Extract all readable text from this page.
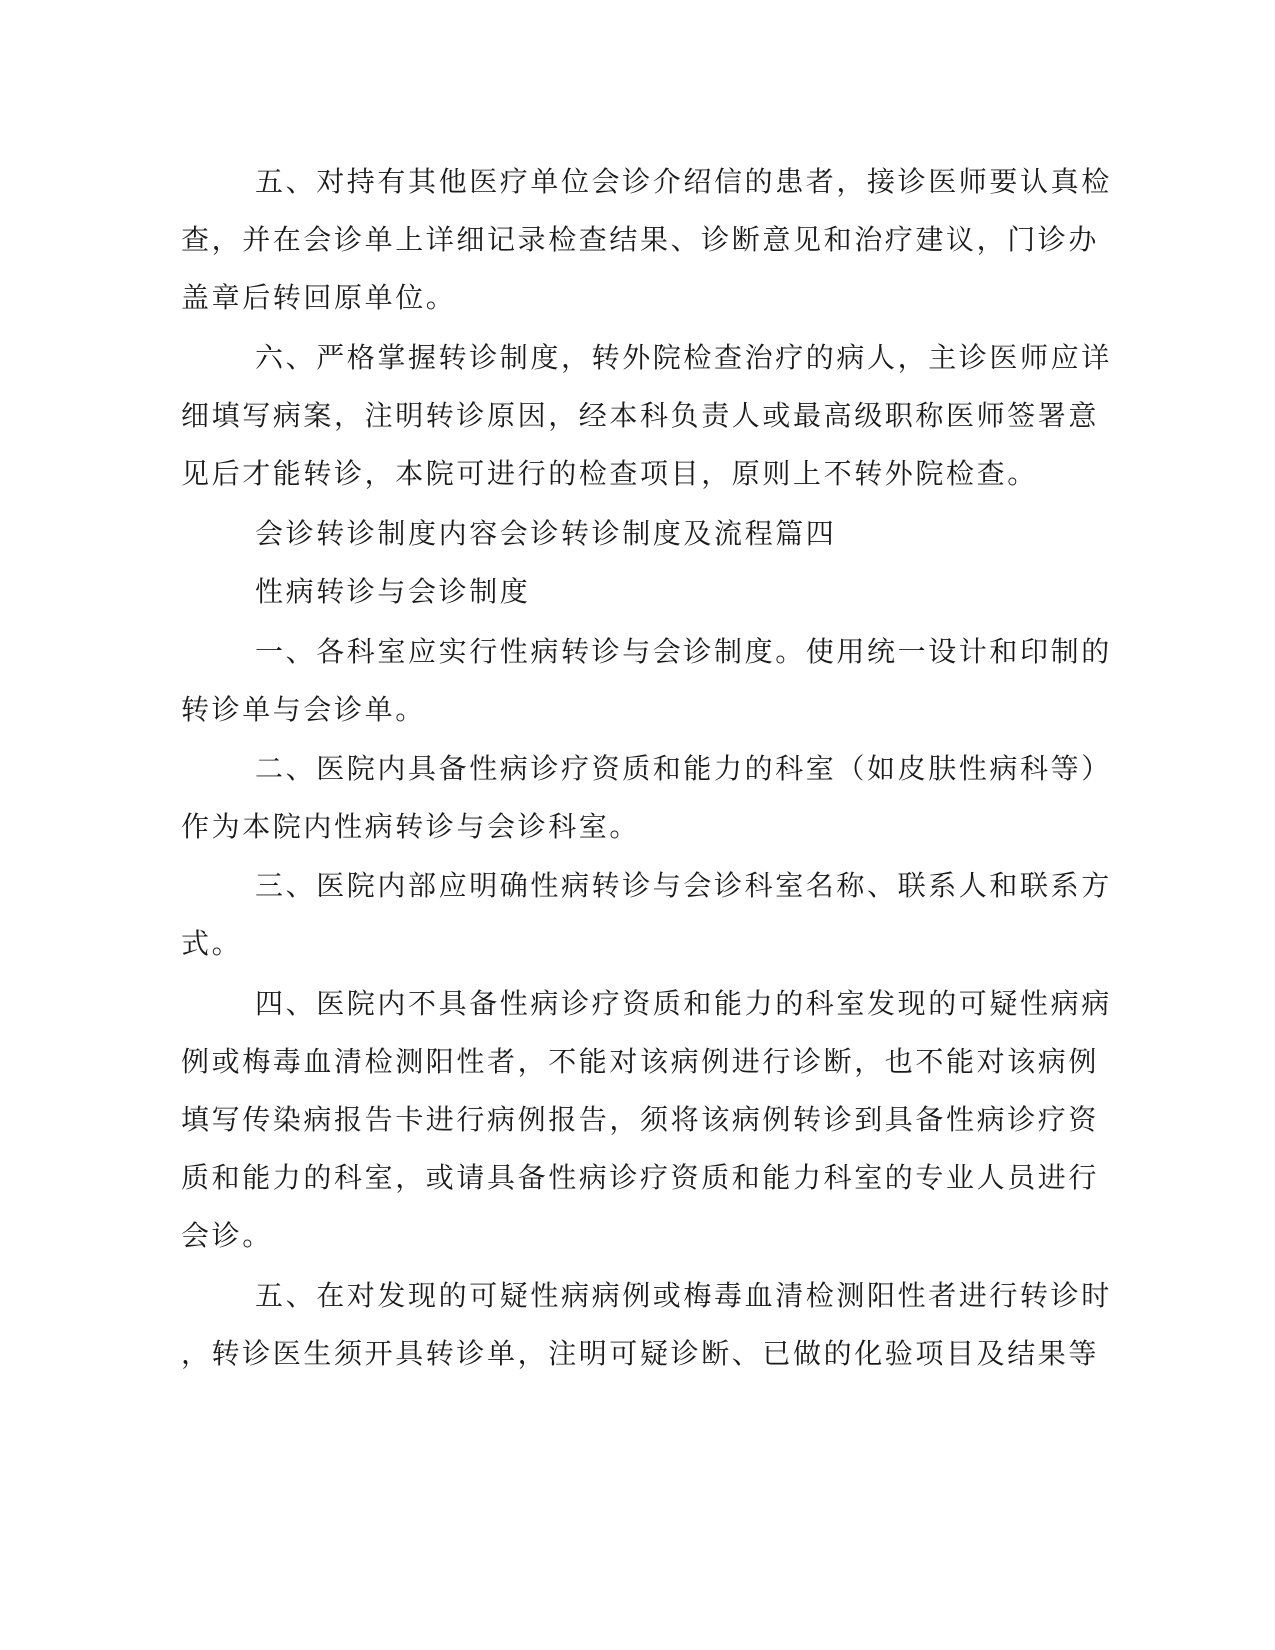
五、对持有其他医疗单位会诊介绍信的患者，接诊医师要认真检
查，并在会诊单上详细记录检查结果、诊断意见和治疗建议，门诊办
盖章后转回原单位。
六、严格掌握转诊制度，转外院检查治疗的病人，主诊医师应详
细填写病案，注明转诊原因，经本科负责人或最高级职称医师签署意
见后才能转诊，本院可进行的检查项目，原则上不转外院检查。
会诊转诊制度内容会诊转诊制度及流程篇四
性病转诊与会诊制度
一、各科室应实行性病转诊与会诊制度。使用统一设计和印制的
转诊单与会诊单。
二、医院内具备性病诊疗资质和能力的科室（如皮肤性病科等）
作为本院内性病转诊与会诊科室。
三、医院内部应明确性病转诊与会诊科室名称、联系人和联系方
式。
四、医院内不具备性病诊疗资质和能力的科室发现的可疑性病病
例或梅毒血清检测阳性者，不能对该病例进行诊断，也不能对该病例
填写传染病报告卡进行病例报告，须将该病例转诊到具备性病诊疗资
质和能力的科室，或请具备性病诊疗资质和能力科室的专业人员进行
会诊。
五、在对发现的可疑性病病例或梅毒血清检测阳性者进行转诊时
，转诊医生须开具转诊单，注明可疑诊断、已做的化验项目及结果等
